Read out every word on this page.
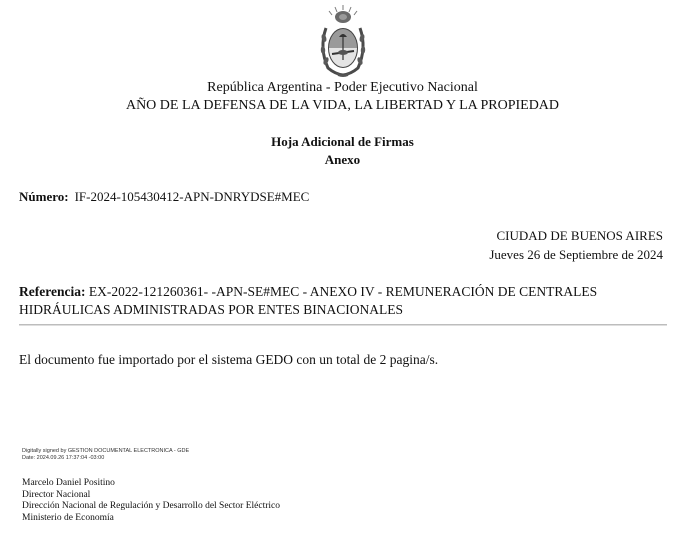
República Argentina - Poder Ejecutivo Nacional
AÑO DE LA DEFENSA DE LA VIDA, LA LIBERTAD Y LA PROPIEDAD
Hoja Adicional de Firmas
Anexo
Número: IF-2024-105430412-APN-DNRYDSE#MEC
CIUDAD DE BUENOS AIRES
Jueves 26 de Septiembre de 2024
Referencia: EX-2022-121260361- -APN-SE#MEC - ANEXO IV - REMUNERACIÓN DE CENTRALES HIDRÁULICAS ADMINISTRADAS POR ENTES BINACIONALES
El documento fue importado por el sistema GEDO con un total de 2 pagina/s.
Digitally signed by GESTION DOCUMENTAL ELECTRONICA - GDE
Date: 2024.09.26 17:37:04 -03:00
Marcelo Daniel Positino
Director Nacional
Dirección Nacional de Regulación y Desarrollo del Sector Eléctrico
Ministerio de Economía
